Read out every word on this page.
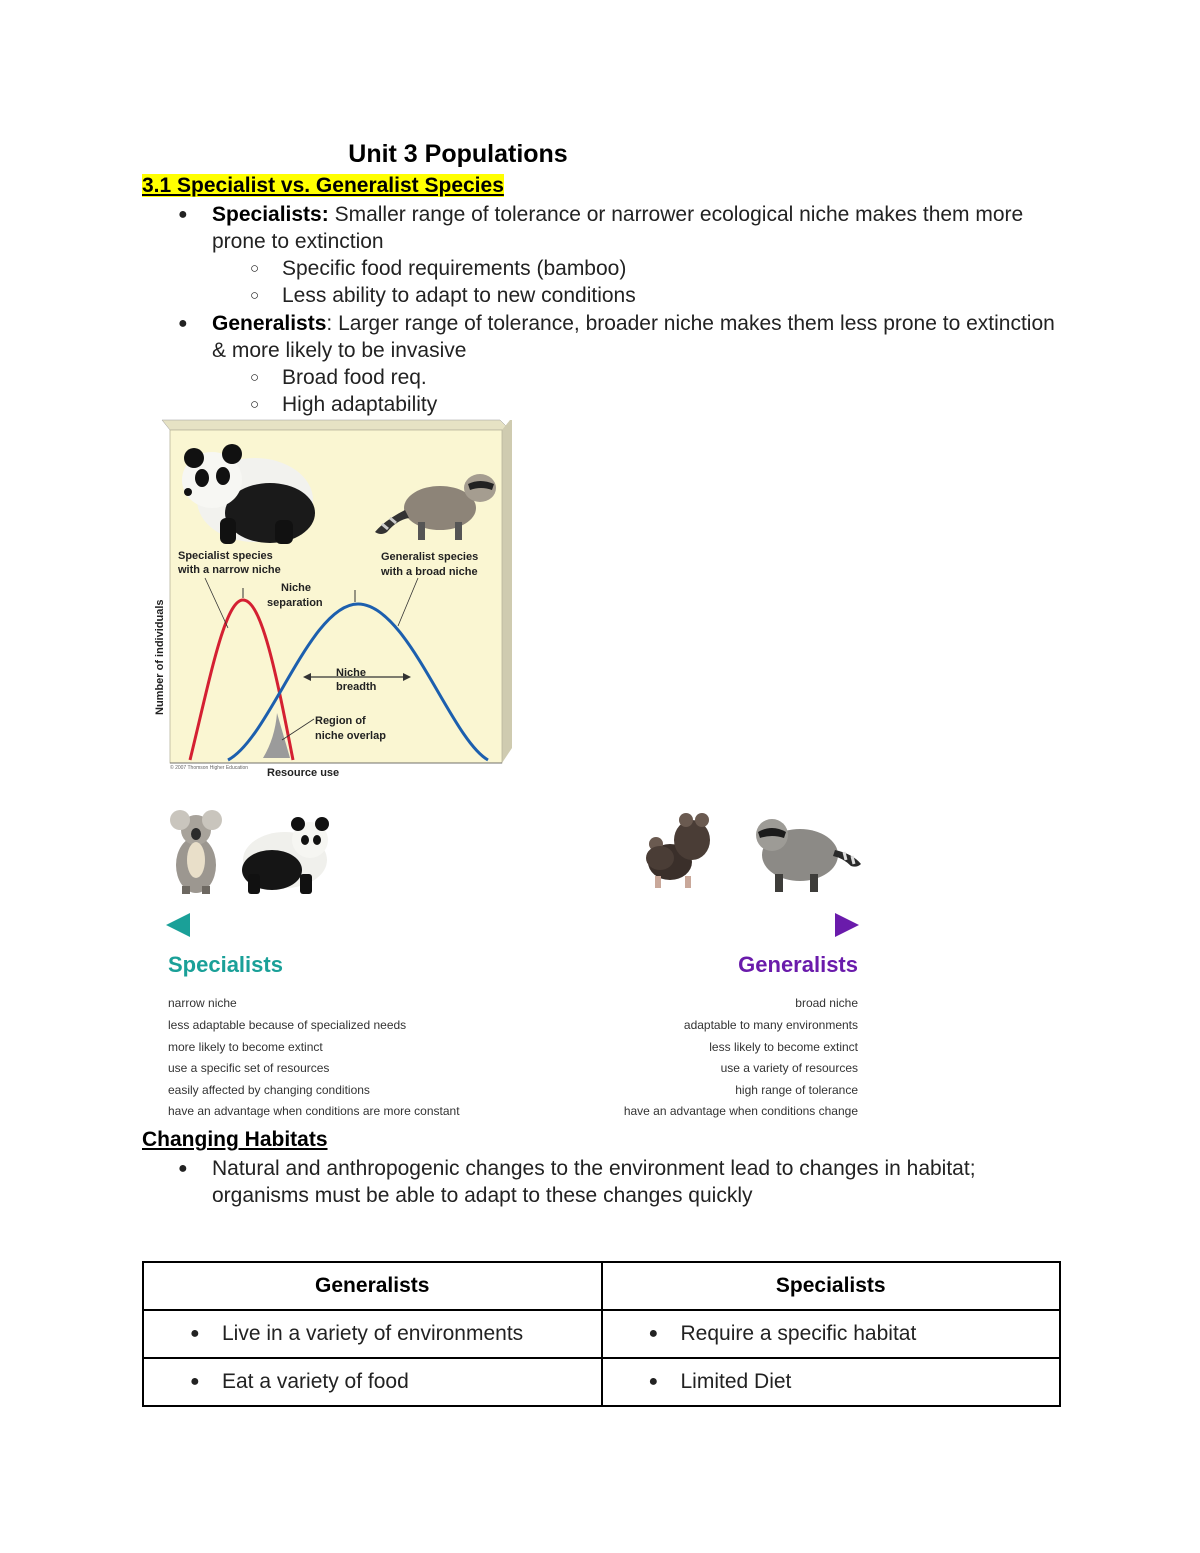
Unit 3 Populations
3.1 Specialist vs. Generalist Species
● Specialists: Smaller range of tolerance or narrower ecological niche makes them more prone to extinction
○ Specific food requirements (bamboo)
○ Less ability to adapt to new conditions
● Generalists: Larger range of tolerance, broader niche makes them less prone to extinction & more likely to be invasive
○ Broad food req.
○ High adaptability
Specialist species
with a narrow niche
Generalist species
with a broad niche
Niche
separation
Niche
breadth
Region of
niche overlap
Resource use
Number of individuals
© 2007 Thomson Higher Education
Specialists	Generalists
narrow niche
less adaptable because of specialized needs
more likely to become extinct
use a specific set of resources
easily affected by changing conditions
have an advantage when conditions are more constant
broad niche
adaptable to many environments
less likely to become extinct
use a variety of resources
high range of tolerance
have an advantage when conditions change
Changing Habitats
● Natural and anthropogenic changes to the environment lead to changes in habitat; organisms must be able to adapt to these changes quickly
Generalists	Specialists

● Live in a variety of environments	● Require a specific habitat

● Eat a variety of food	● Limited Diet
